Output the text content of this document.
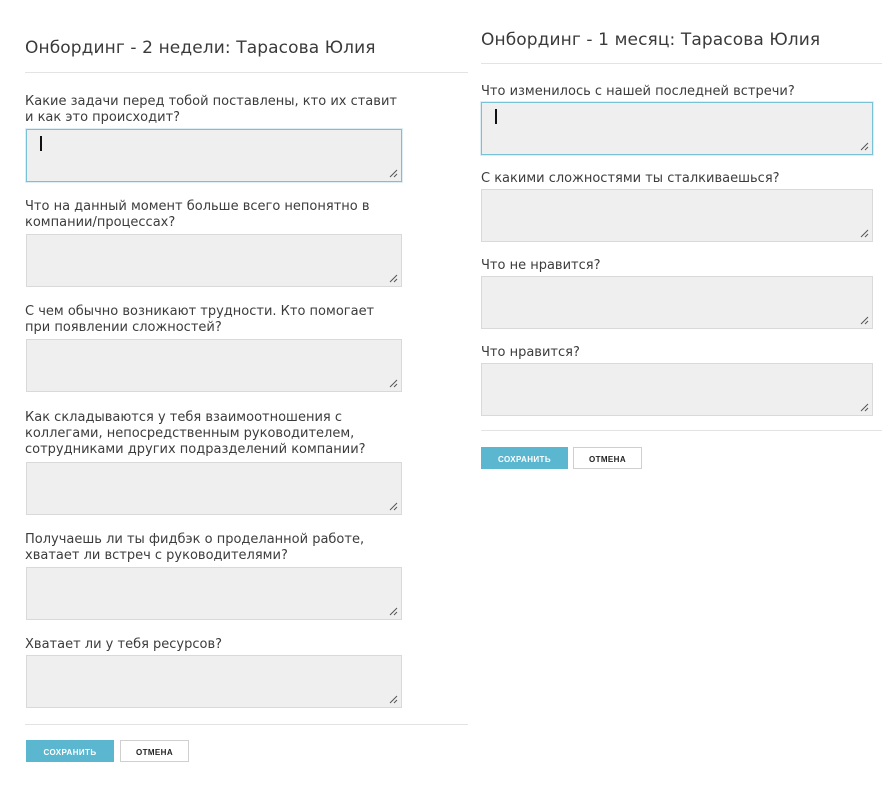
Онбординг - 2 недели: Тарасова Юлия
Какие задачи перед тобой поставлены, кто их ставит
и как это происходит?
Что на данный момент больше всего непонятно в
компании/процессах?
С чем обычно возникают трудности. Кто помогает
при появлении сложностей?
Как складываются у тебя взаимоотношения с
коллегами, непосредственным руководителем,
сотрудниками других подразделений компании?
Получаешь ли ты фидбэк о проделанной работе,
хватает ли встреч с руководителями?
Хватает ли у тебя ресурсов?
СОХРАНИТЬ	ОТМЕНА
Онбординг - 1 месяц: Тарасова Юлия
Что изменилось с нашей последней встречи?
С какими сложностями ты сталкиваешься?
Что не нравится?
Что нравится?
СОХРАНИТЬ	ОТМЕНА
